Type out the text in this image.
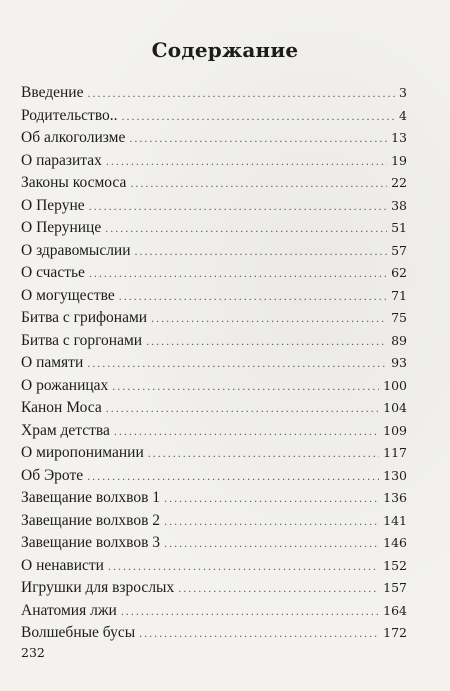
Содержание
Введение . . .	3
Родительство.. . . .	4
Об алкоголизме . . .	13
О паразитах . . .	19
Законы космоса . . .	22
О Перуне . . .	38
О Перунице . . .	51
О здравомыслии . . .	57
О счастье . . .	62
О могуществе . . .	71
Битва с грифонами . . .	75
Битва с горгонами . . .	89
О памяти . . .	93
О рожаницах . . .	100
Канон Моса . . .	104
Храм детства . . .	109
О миропонимании . . .	117
Об Эроте . . .	130
Завещание волхвов 1 . . .	136
Завещание волхвов 2 . . .	141
Завещание волхвов 3 . . .	146
О ненависти . . .	152
Игрушки для взрослых . . .	157
Анатомия лжи . . .	164
Волшебные бусы . . .	172
232
